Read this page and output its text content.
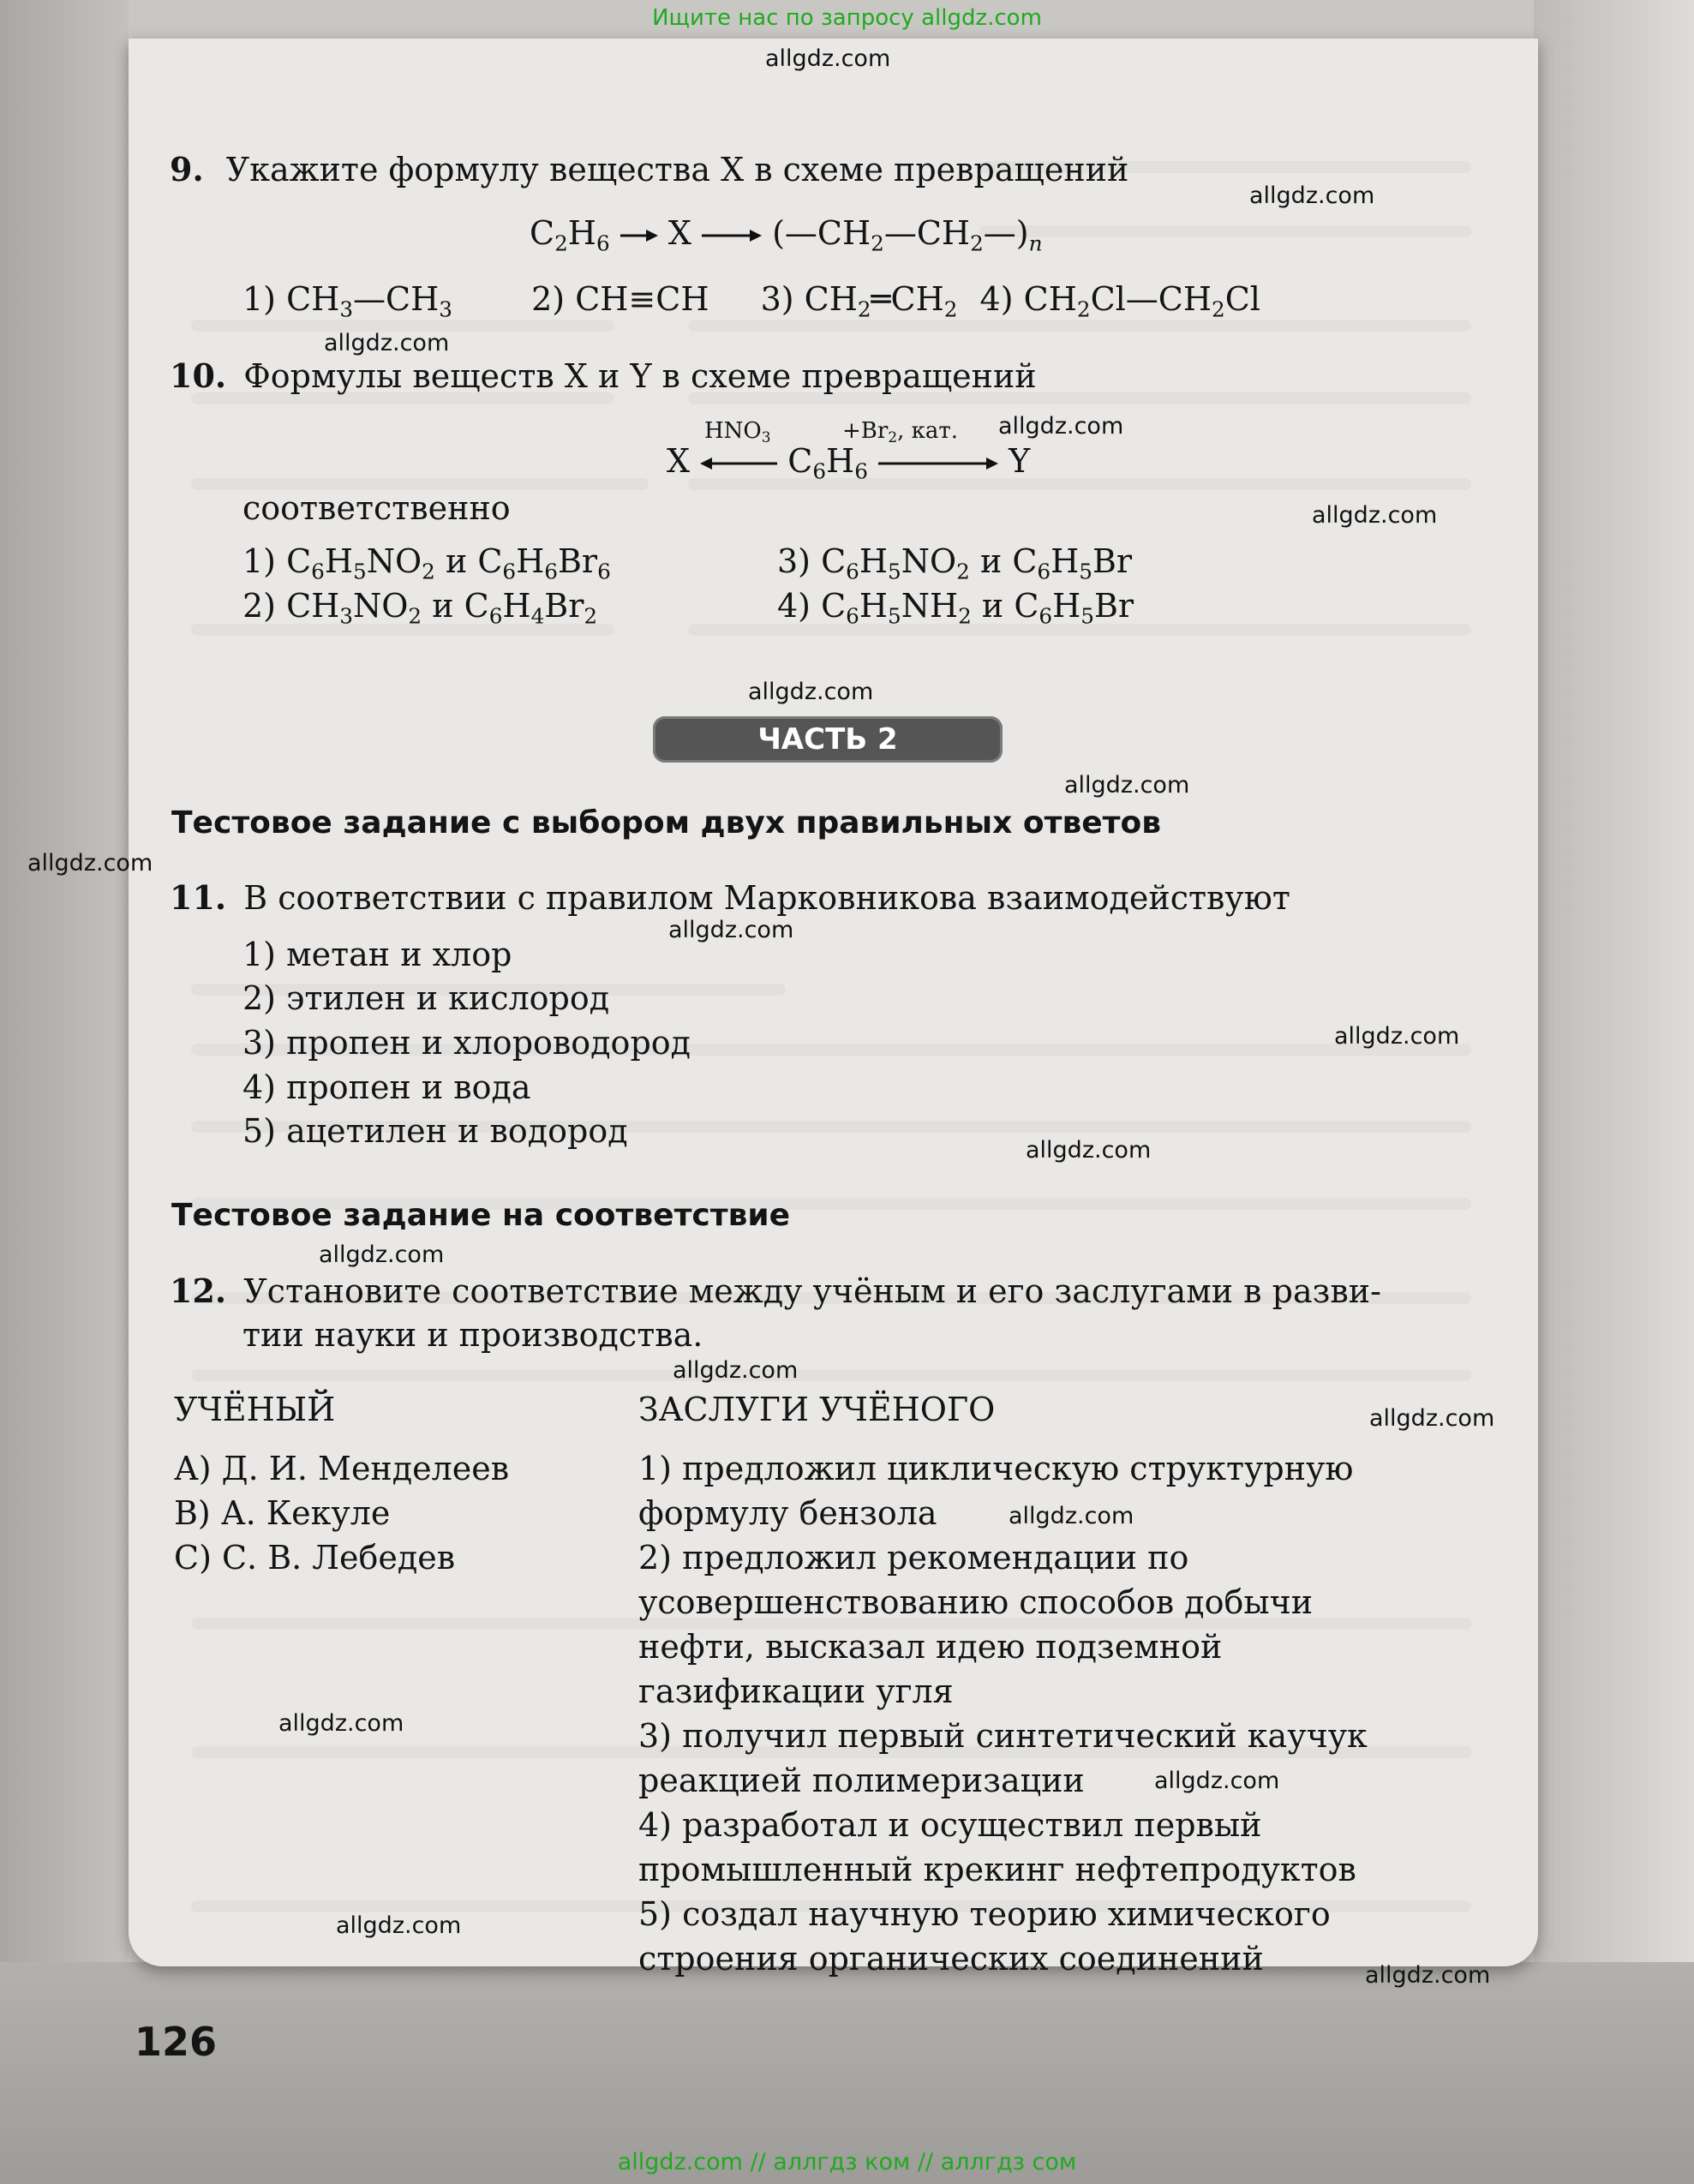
Ищите нас по запросу allgdz.com
allgdz.com // аллгдз ком // аллгдз сом
allgdz.com
allgdz.com
allgdz.com
allgdz.com
allgdz.com
allgdz.com
allgdz.com
allgdz.com
allgdz.com
allgdz.com
allgdz.com
allgdz.com
allgdz.com
allgdz.com
allgdz.com
allgdz.com
allgdz.com
allgdz.com
allgdz.com
9. Укажите формулу вещества X в схеме превращений
$C_2H_6$ X $(—CH_2—CH_2—)_n$
1) $CH_3—CH_3$ 2) CH≡CH 3) $CH_2═CH_2$ 4) $CH_2Cl—CH_2Cl$
10. Формулы веществ X и Y в схеме превращений
$HNO_3$	$+Br_2$, кат.
X	$C_6H_6$	Y
соответственно
1) $C_6H_5NO_2$ и $C_6H_6Br_6$
2) $CH_3NO_2$ и $C_6H_4Br_2$
3) $C_6H_5NO_2$ и $C_6H_5Br$
4) $C_6H_5NH_2$ и $C_6H_5Br$
ЧАСТЬ 2
Тестовое задание с выбором двух правильных ответов
11. В соответствии с правилом Марковникова взаимодействуют
1) метан и хлор
2) этилен и кислород
3) пропен и хлороводород
4) пропен и вода
5) ацетилен и водород
Тестовое задание на соответствие
12. Установите соответствие между учёным и его заслугами в разви-
тии науки и производства.
УЧЁНЫЙ	ЗАСЛУГИ УЧЁНОГО
А) Д. И. Менделеев
В) А. Кекуле
С) С. В. Лебедев
1) предложил циклическую структурную
формулу бензола
2) предложил рекомендации по
усовершенствованию способов добычи
нефти, высказал идею подземной
газификации угля
3) получил первый синтетический каучук
реакцией полимеризации
4) разработал и осуществил первый
промышленный крекинг нефтепродуктов
5) создал научную теорию химического
строения органических соединений
126
